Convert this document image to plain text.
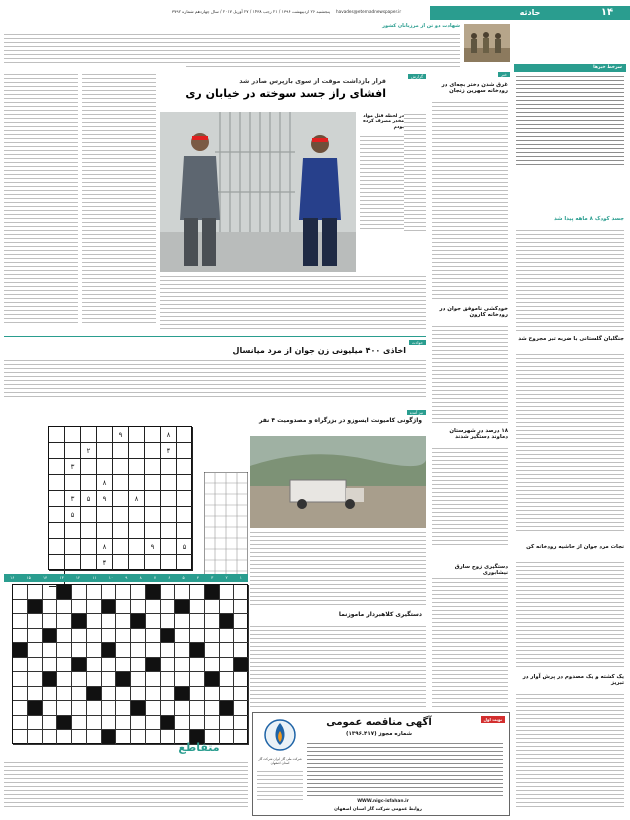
۱۴
حادثه
havades@eternadnewspaper.ir
پنجشنبه ۲۶ اردیبهشت ۱۳۹۶ / ۲۱ رجب ۱۴۳۸ / ۲۷ آوریل ۲۰۱۷ / سال چهاردهم شماره ۳۷۹۲
شهادت دو تن از مرزبانان کشور
سرخط خبرها
جسد کودک ۸ ماهه پیدا شد
جنگلبان گلستانی با ضربه تبر مجروح شد
نجات مرد جوان از حاشیه رودخانه کن
یک کشته و یک مصدوم در پرش آوار در تبریز
خبر
غرق شدن دختر بچه‌ای در رودخانه سهرین زنجان
خودکشی ناموفق جوان در رودخانه کارون
۱۸ درصد در شهرستان دماوند دستگیر شدند
دستگیری زوج سارق نیشابوری
گزارش
قرار بازداشت موقت از سوی بازپرس صادر شد
افشای راز جسد سوخته در خیابان ری
در لحظه قتل مواد مخدر مصرف کرده بودم
حوادث
اخاذی ۴۰۰ میلیونی زن جوان از مرد میانسال
نیز آمده
واژگونی کامیونت ایسوزو در بزرگراه و مصدومیت ۴ نفر
دستگیری کلاهبردار ماموزنما
۹	۸
۲	۴
۳
۸
۳	۵	۹	۸
۵
۸	۹	۵
۴
۱
۲
۳
۴
۵
۶
۷
۸
۹
۱۰
۱۱
۱۲
۱۳
۱۴
۱۵
۱۶
متقاطع
نوبت اول
آگهی مناقصه عمومی
شماره مجوز (۱۳۹۶.۴۱۷)
WWW.nigc-isfahan.ir
روابط عمومی شرکت گاز استان اصفهان
شرکت ملی گاز ایران شرکت گاز استان اصفهان
